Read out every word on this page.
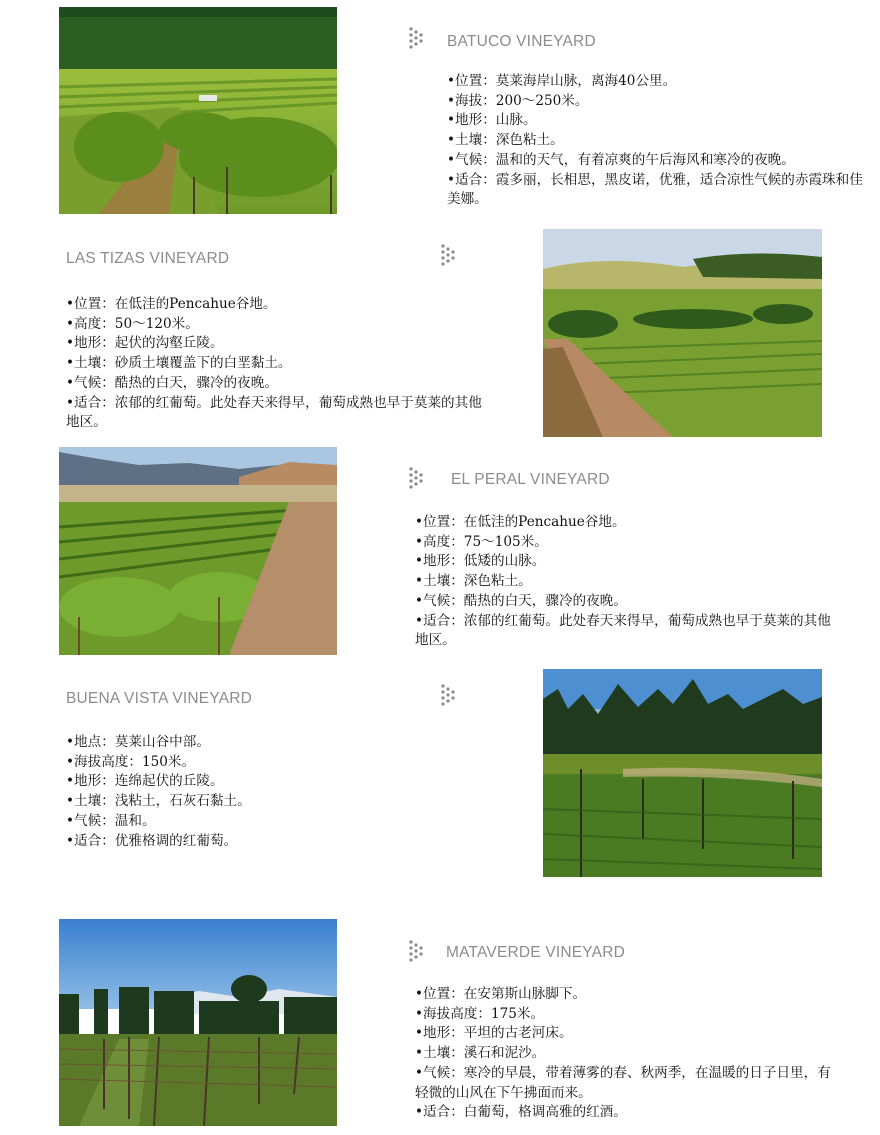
BATUCO VINEYARD
•位置：莫莱海岸山脉，离海40公里。
•海拔：200～250米。
•地形：山脉。
•土壤：深色粘土。
•气候：温和的天气，有着凉爽的午后海风和寒冷的夜晚。
•适合：霞多丽，长相思，黑皮诺，优雅，适合凉性气候的赤霞珠和佳美娜。
LAS TIZAS VINEYARD
•位置：在低洼的Pencahue谷地。
•高度：50～120米。
•地形：起伏的沟壑丘陵。
•土壤：砂质土壤覆盖下的白垩黏土。
•气候：酷热的白天，骤冷的夜晚。
•适合：浓郁的红葡萄。此处春天来得早，葡萄成熟也早于莫莱的其他地区。
EL PERAL VINEYARD
•位置：在低洼的Pencahue谷地。
•高度：75～105米。
•地形：低矮的山脉。
•土壤：深色粘土。
•气候：酷热的白天，骤冷的夜晚。
•适合：浓郁的红葡萄。此处春天来得早，葡萄成熟也早于莫莱的其他地区。
BUENA VISTA VINEYARD
•地点：莫莱山谷中部。
•海拔高度：150米。
•地形：连绵起伏的丘陵。
•土壤：浅粘土，石灰石黏土。
•气候：温和。
•适合：优雅格调的红葡萄。
MATAVERDE VINEYARD
•位置：在安第斯山脉脚下。
•海拔高度：175米。
•地形：平坦的古老河床。
•土壤：溪石和泥沙。
•气候：寒冷的早晨，带着薄雾的春、秋两季，在温暖的日子日里，有轻微的山风在下午拂面而来。
•适合：白葡萄，格调高雅的红酒。
